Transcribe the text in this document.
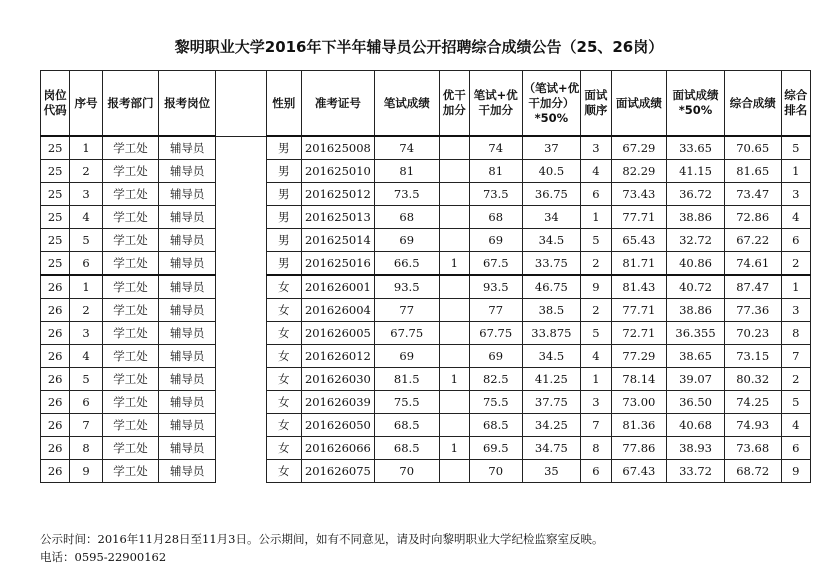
黎明职业大学2016年下半年辅导员公开招聘综合成绩公告（25、26岗）
岗位代码	序号	报考部门	报考岗位		性别	准考证号	笔试成绩	优干加分	笔试+优干加分	（笔试+优干加分）*50%	面试顺序	面试成绩	面试成绩*50%	综合成绩	综合排名
25	1	学工处	辅导员		男	201625008	74		74	37	3	67.29	33.65	70.65	5
25	2	学工处	辅导员		男	201625010	81		81	40.5	4	82.29	41.15	81.65	1
25	3	学工处	辅导员		男	201625012	73.5		73.5	36.75	6	73.43	36.72	73.47	3
25	4	学工处	辅导员		男	201625013	68		68	34	1	77.71	38.86	72.86	4
25	5	学工处	辅导员		男	201625014	69		69	34.5	5	65.43	32.72	67.22	6
25	6	学工处	辅导员		男	201625016	66.5	1	67.5	33.75	2	81.71	40.86	74.61	2
26	1	学工处	辅导员		女	201626001	93.5		93.5	46.75	9	81.43	40.72	87.47	1
26	2	学工处	辅导员		女	201626004	77		77	38.5	2	77.71	38.86	77.36	3
26	3	学工处	辅导员		女	201626005	67.75		67.75	33.875	5	72.71	36.355	70.23	8
26	4	学工处	辅导员		女	201626012	69		69	34.5	4	77.29	38.65	73.15	7
26	5	学工处	辅导员		女	201626030	81.5	1	82.5	41.25	1	78.14	39.07	80.32	2
26	6	学工处	辅导员		女	201626039	75.5		75.5	37.75	3	73.00	36.50	74.25	5
26	7	学工处	辅导员		女	201626050	68.5		68.5	34.25	7	81.36	40.68	74.93	4
26	8	学工处	辅导员		女	201626066	68.5	1	69.5	34.75	8	77.86	38.93	73.68	6
26	9	学工处	辅导员		女	201626075	70		70	35	6	67.43	33.72	68.72	9
公示时间：2016年11月28日至11月3日。公示期间，如有不同意见，请及时向黎明职业大学纪检监察室反映。
电话：0595-22900162
